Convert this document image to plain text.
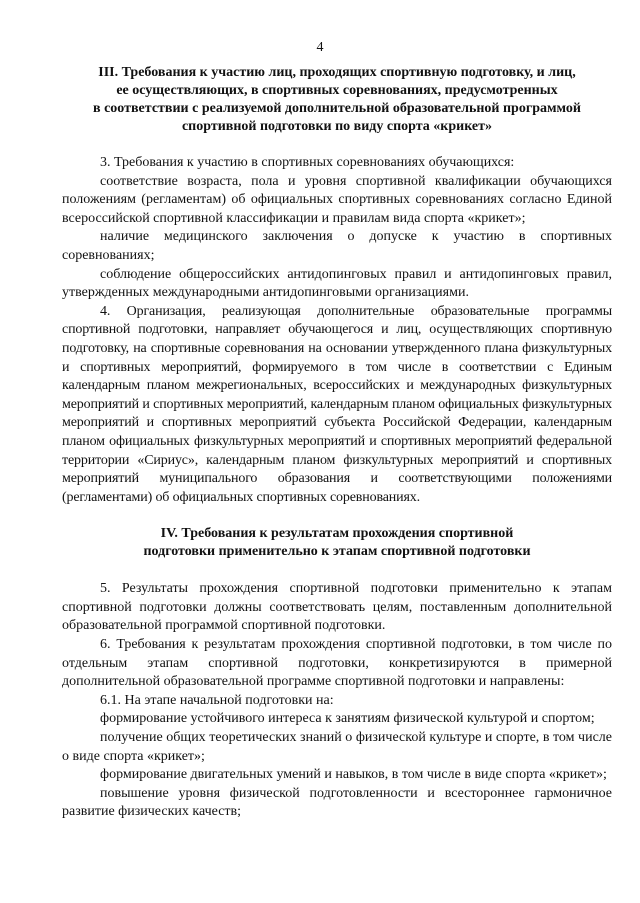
4
III. Требования к участию лиц, проходящих спортивную подготовку, и лиц,
ее осуществляющих, в спортивных соревнованиях, предусмотренных
в соответствии с реализуемой дополнительной образовательной программой
спортивной подготовки по виду спорта «крикет»

3. Требования к участию в спортивных соревнованиях обучающихся:

соответствие возраста, пола и уровня спортивной квалификации обучающихся положениям (регламентам) об официальных спортивных соревнованиях согласно Единой всероссийской спортивной классификации и правилам вида спорта «крикет»;

наличие медицинского заключения о допуске к участию в спортивных соревнованиях;

соблюдение общероссийских антидопинговых правил и антидопинговых правил, утвержденных международными антидопинговыми организациями.

4. Организация, реализующая дополнительные образовательные программы спортивной подготовки, направляет обучающегося и лиц, осуществляющих спортивную подготовку, на спортивные соревнования на основании утвержденного плана физкультурных и спортивных мероприятий, формируемого в том числе в соответствии с Единым календарным планом межрегиональных, всероссийских и международных физкультурных мероприятий и спортивных мероприятий, календарным планом официальных физкультурных мероприятий и спортивных мероприятий субъекта Российской Федерации, календарным планом официальных физкультурных мероприятий и спортивных мероприятий федеральной территории «Сириус», календарным планом физкультурных мероприятий и спортивных мероприятий муниципального образования и соответствующими положениями (регламентами) об официальных спортивных соревнованиях.

IV. Требования к результатам прохождения спортивной
подготовки применительно к этапам спортивной подготовки

5. Результаты прохождения спортивной подготовки применительно к этапам спортивной подготовки должны соответствовать целям, поставленным дополнительной образовательной программой спортивной подготовки.

6. Требования к результатам прохождения спортивной подготовки, в том числе по отдельным этапам спортивной подготовки, конкретизируются в примерной дополнительной образовательной программе спортивной подготовки и направлены:

6.1. На этапе начальной подготовки на:

формирование устойчивого интереса к занятиям физической культурой и спортом;

получение общих теоретических знаний о физической культуре и спорте, в том числе о виде спорта «крикет»;

формирование двигательных умений и навыков, в том числе в виде спорта «крикет»;

повышение уровня физической подготовленности и всестороннее гармоничное развитие физических качеств;
